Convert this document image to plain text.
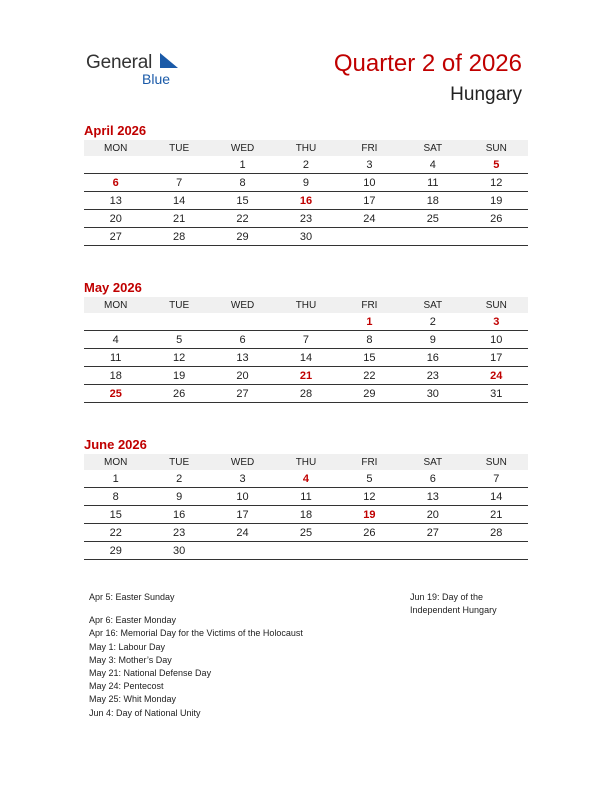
General
Blue
Quarter 2 of 2026
Hungary
April 2026
MON	TUE	WED	THU	FRI	SAT	SUN
		1	2	3	4	5
6	7	8	9	10	11	12
13	14	15	16	17	18	19
20	21	22	23	24	25	26
27	28	29	30			
May 2026
MON	TUE	WED	THU	FRI	SAT	SUN
				1	2	3
4	5	6	7	8	9	10
11	12	13	14	15	16	17
18	19	20	21	22	23	24
25	26	27	28	29	30	31
June 2026
MON	TUE	WED	THU	FRI	SAT	SUN
1	2	3	4	5	6	7
8	9	10	11	12	13	14
15	16	17	18	19	20	21
22	23	24	25	26	27	28
29	30					
Apr 5: Easter Sunday
Apr 6: Easter Monday
Apr 16: Memorial Day for the Victims of the Holocaust
May 1: Labour Day
May 3: Mother’s Day
May 21: National Defense Day
May 24: Pentecost
May 25: Whit Monday
Jun 4: Day of National Unity
Jun 19: Day of the
Independent Hungary
